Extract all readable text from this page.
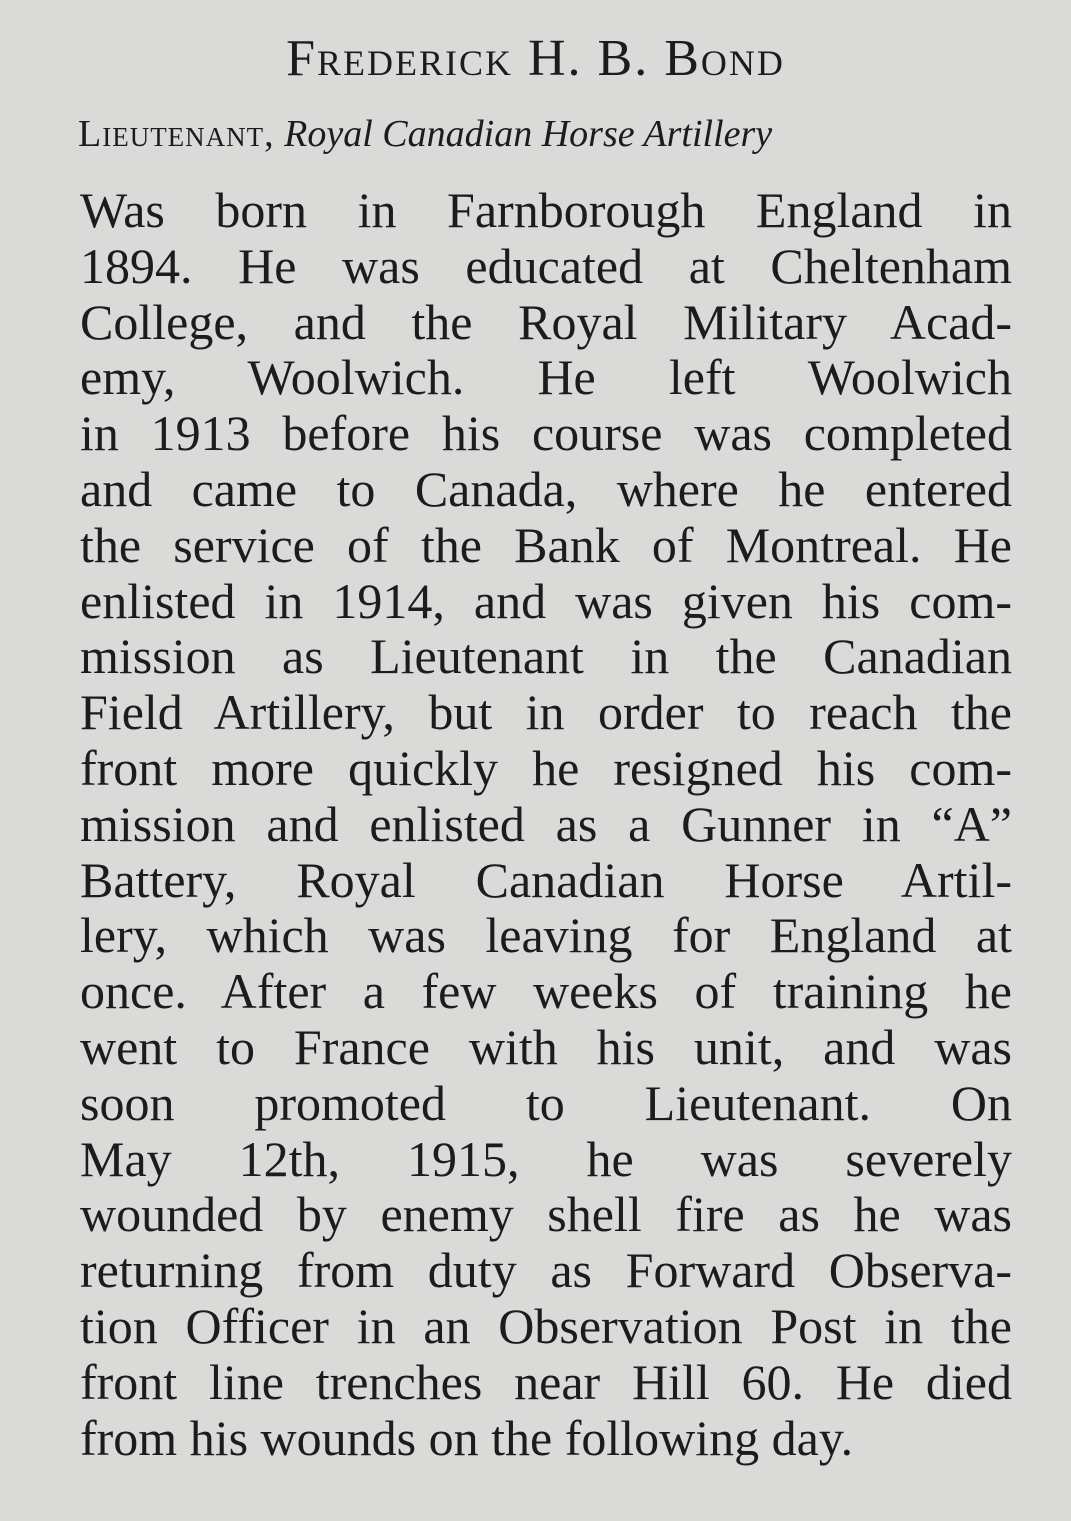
Frederick H. B. Bond
Lieutenant, Royal Canadian Horse Artillery
Was born in Farnborough England in
1894. He was educated at Cheltenham
College, and the Royal Military Acad-
emy, Woolwich. He left Woolwich
in 1913 before his course was completed
and came to Canada, where he entered
the service of the Bank of Montreal. He
enlisted in 1914, and was given his com-
mission as Lieutenant in the Canadian
Field Artillery, but in order to reach the
front more quickly he resigned his com-
mission and enlisted as a Gunner in “A”
Battery, Royal Canadian Horse Artil-
lery, which was leaving for England at
once. After a few weeks of training he
went to France with his unit, and was
soon promoted to Lieutenant. On
May 12th, 1915, he was severely
wounded by enemy shell fire as he was
returning from duty as Forward Observa-
tion Officer in an Observation Post in the
front line trenches near Hill 60. He died
from his wounds on the following day.
